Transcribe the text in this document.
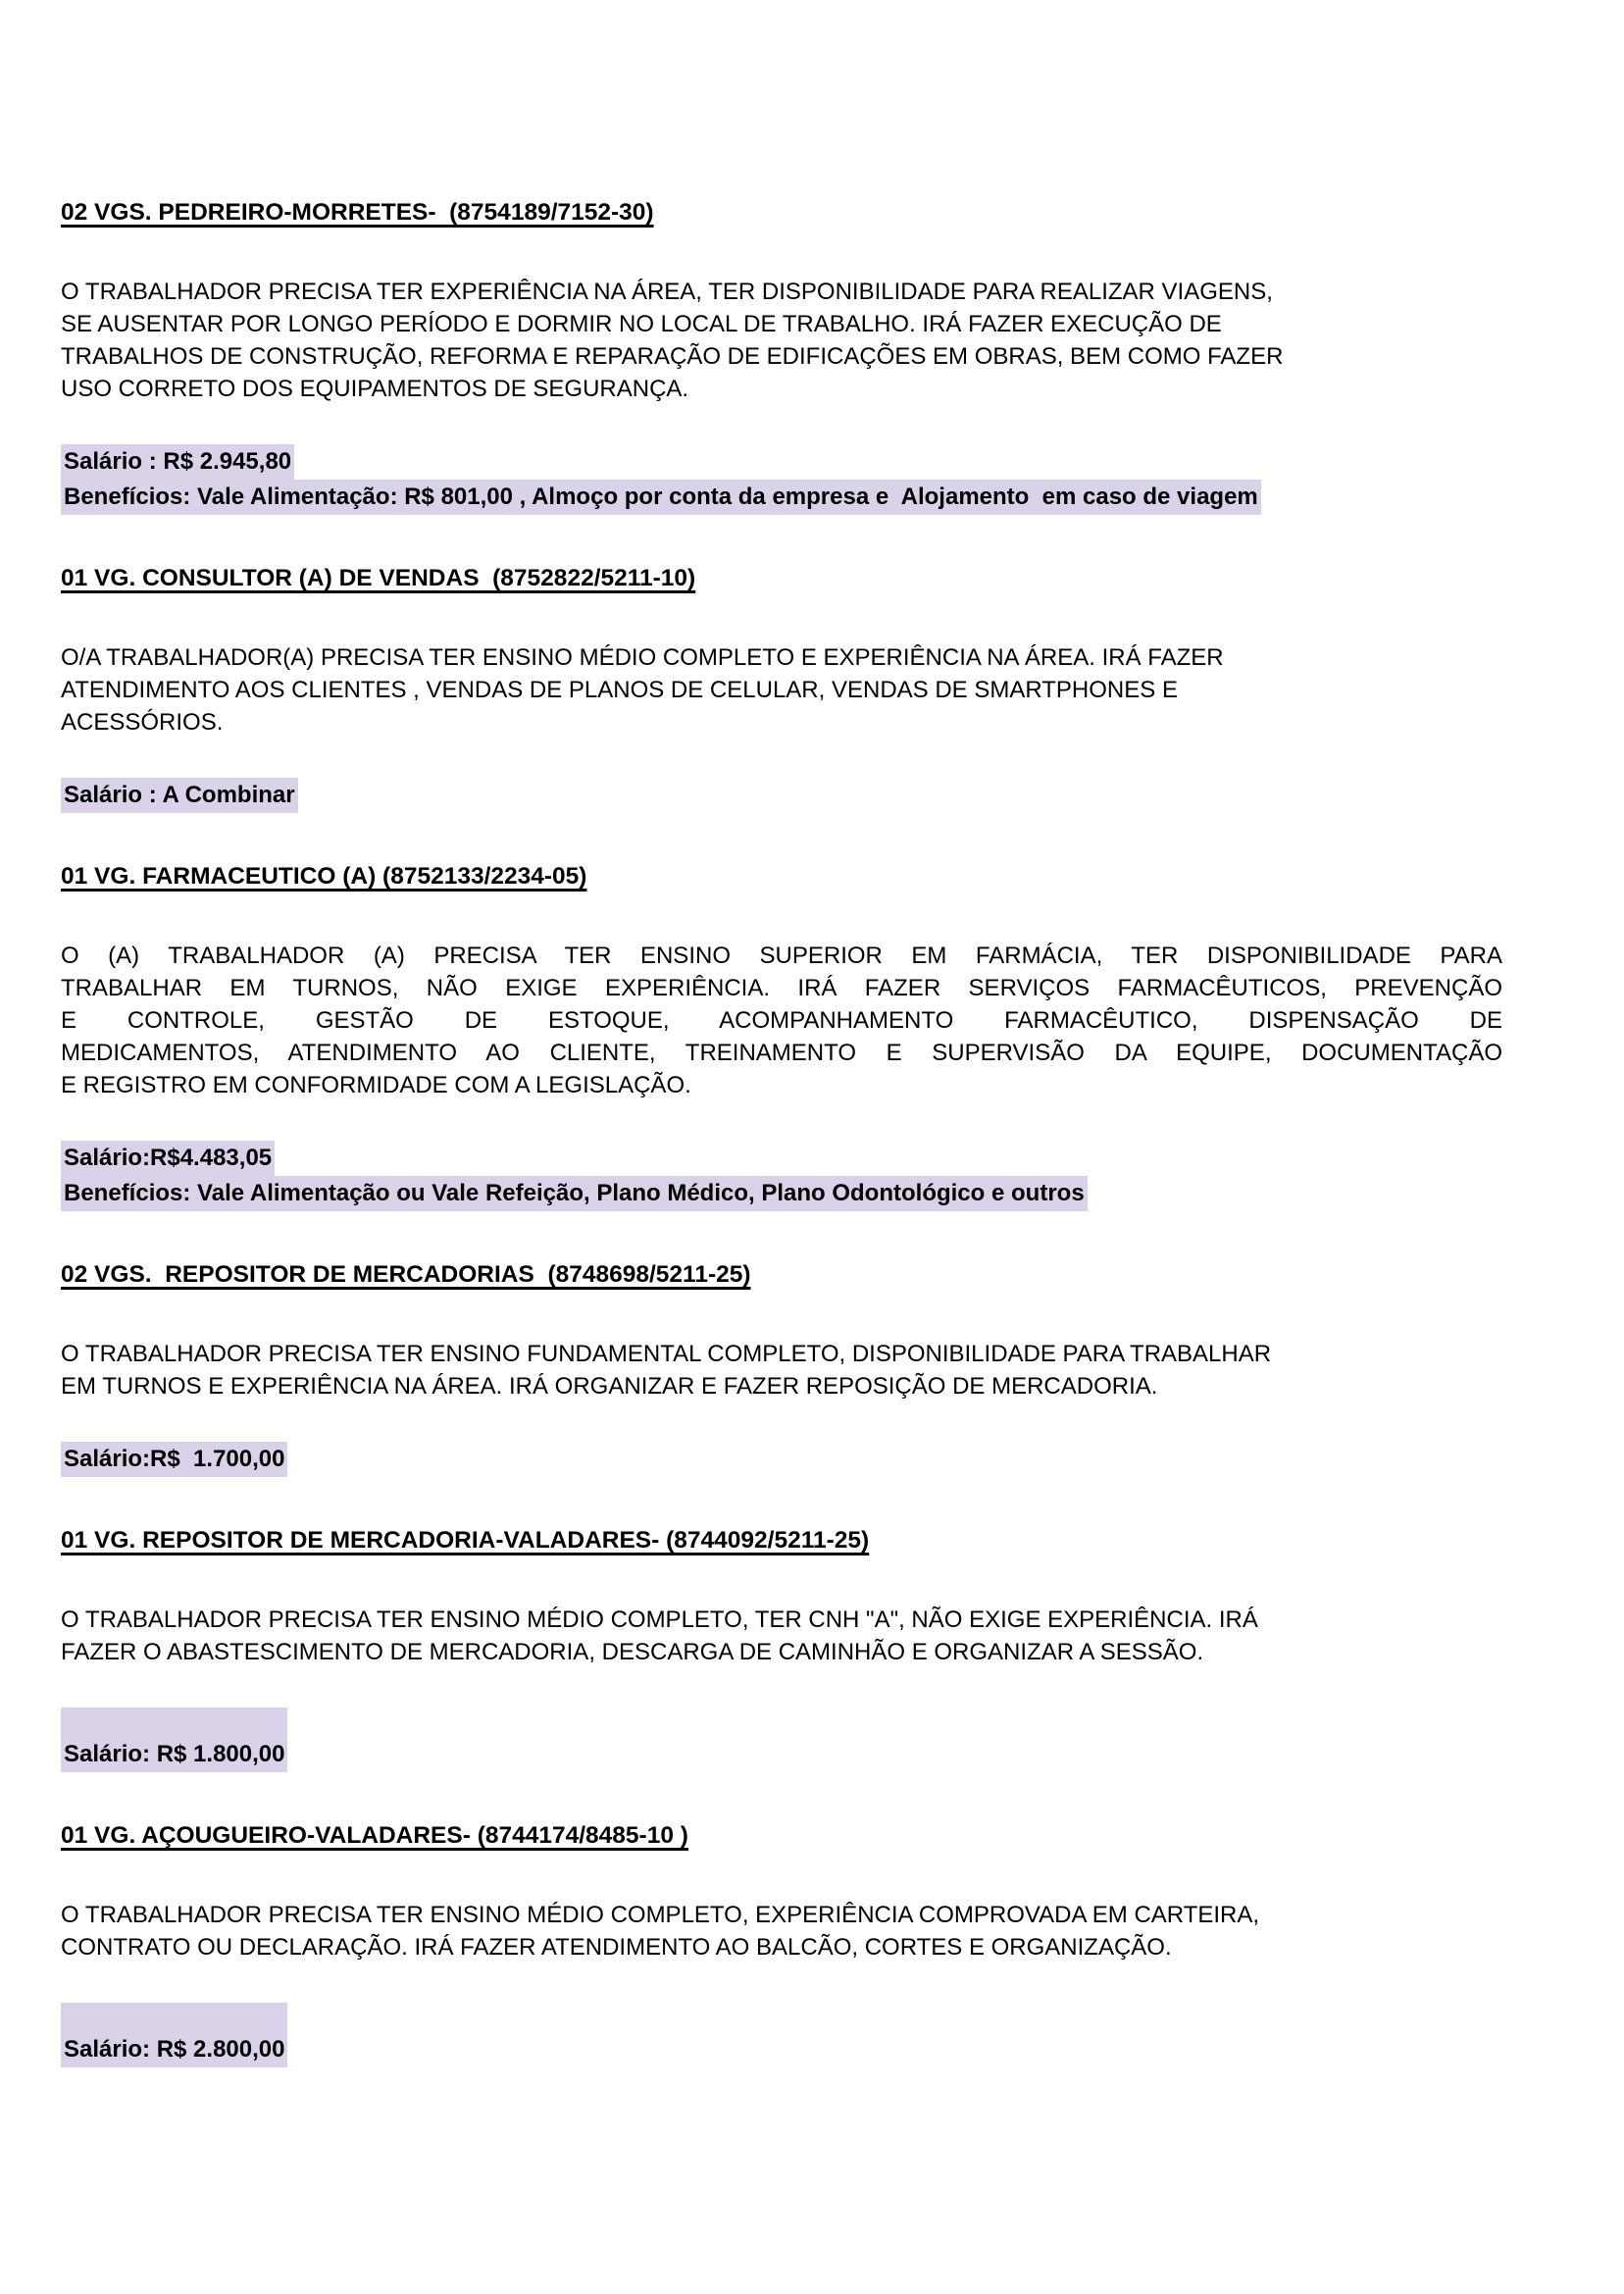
02 VGS. PEDREIRO-MORRETES-  (8754189/7152-30)
O TRABALHADOR PRECISA TER EXPERIÊNCIA NA ÁREA, TER DISPONIBILIDADE PARA REALIZAR VIAGENS,
SE AUSENTAR POR LONGO PERÍODO E DORMIR NO LOCAL DE TRABALHO. IRÁ FAZER EXECUÇÃO DE
TRABALHOS DE CONSTRUÇÃO, REFORMA E REPARAÇÃO DE EDIFICAÇÕES EM OBRAS, BEM COMO FAZER
USO CORRETO DOS EQUIPAMENTOS DE SEGURANÇA.
Salário : R$ 2.945,80
Benefícios: Vale Alimentação: R$ 801,00 , Almoço por conta da empresa e  Alojamento  em caso de viagem
01 VG. CONSULTOR (A) DE VENDAS  (8752822/5211-10)
O/A TRABALHADOR(A) PRECISA TER ENSINO MÉDIO COMPLETO E EXPERIÊNCIA NA ÁREA. IRÁ FAZER
ATENDIMENTO AOS CLIENTES , VENDAS DE PLANOS DE CELULAR, VENDAS DE SMARTPHONES E
ACESSÓRIOS.
Salário : A Combinar
01 VG. FARMACEUTICO (A) (8752133/2234-05)
O (A) TRABALHADOR (A) PRECISA TER ENSINO SUPERIOR EM FARMÁCIA, TER DISPONIBILIDADE PARA
TRABALHAR EM TURNOS, NÃO EXIGE EXPERIÊNCIA. IRÁ FAZER SERVIÇOS FARMACÊUTICOS, PREVENÇÃO
E CONTROLE, GESTÃO DE ESTOQUE, ACOMPANHAMENTO FARMACÊUTICO, DISPENSAÇÃO DE
MEDICAMENTOS, ATENDIMENTO AO CLIENTE, TREINAMENTO E SUPERVISÃO DA EQUIPE, DOCUMENTAÇÃO
E REGISTRO EM CONFORMIDADE COM A LEGISLAÇÃO.
Salário:R$4.483,05
Benefícios: Vale Alimentação ou Vale Refeição, Plano Médico, Plano Odontológico e outros
02 VGS.  REPOSITOR DE MERCADORIAS  (8748698/5211-25)
O TRABALHADOR PRECISA TER ENSINO FUNDAMENTAL COMPLETO, DISPONIBILIDADE PARA TRABALHAR
EM TURNOS E EXPERIÊNCIA NA ÁREA. IRÁ ORGANIZAR E FAZER REPOSIÇÃO DE MERCADORIA.
Salário:R$  1.700,00
01 VG. REPOSITOR DE MERCADORIA-VALADARES- (8744092/5211-25)
O TRABALHADOR PRECISA TER ENSINO MÉDIO COMPLETO, TER CNH "A", NÃO EXIGE EXPERIÊNCIA. IRÁ
FAZER O ABASTESCIMENTO DE MERCADORIA, DESCARGA DE CAMINHÃO E ORGANIZAR A SESSÃO.
Salário: R$ 1.800,00
01 VG. AÇOUGUEIRO-VALADARES- (8744174/8485-10 )
O TRABALHADOR PRECISA TER ENSINO MÉDIO COMPLETO, EXPERIÊNCIA COMPROVADA EM CARTEIRA,
CONTRATO OU DECLARAÇÃO. IRÁ FAZER ATENDIMENTO AO BALCÃO, CORTES E ORGANIZAÇÃO.
Salário: R$ 2.800,00
